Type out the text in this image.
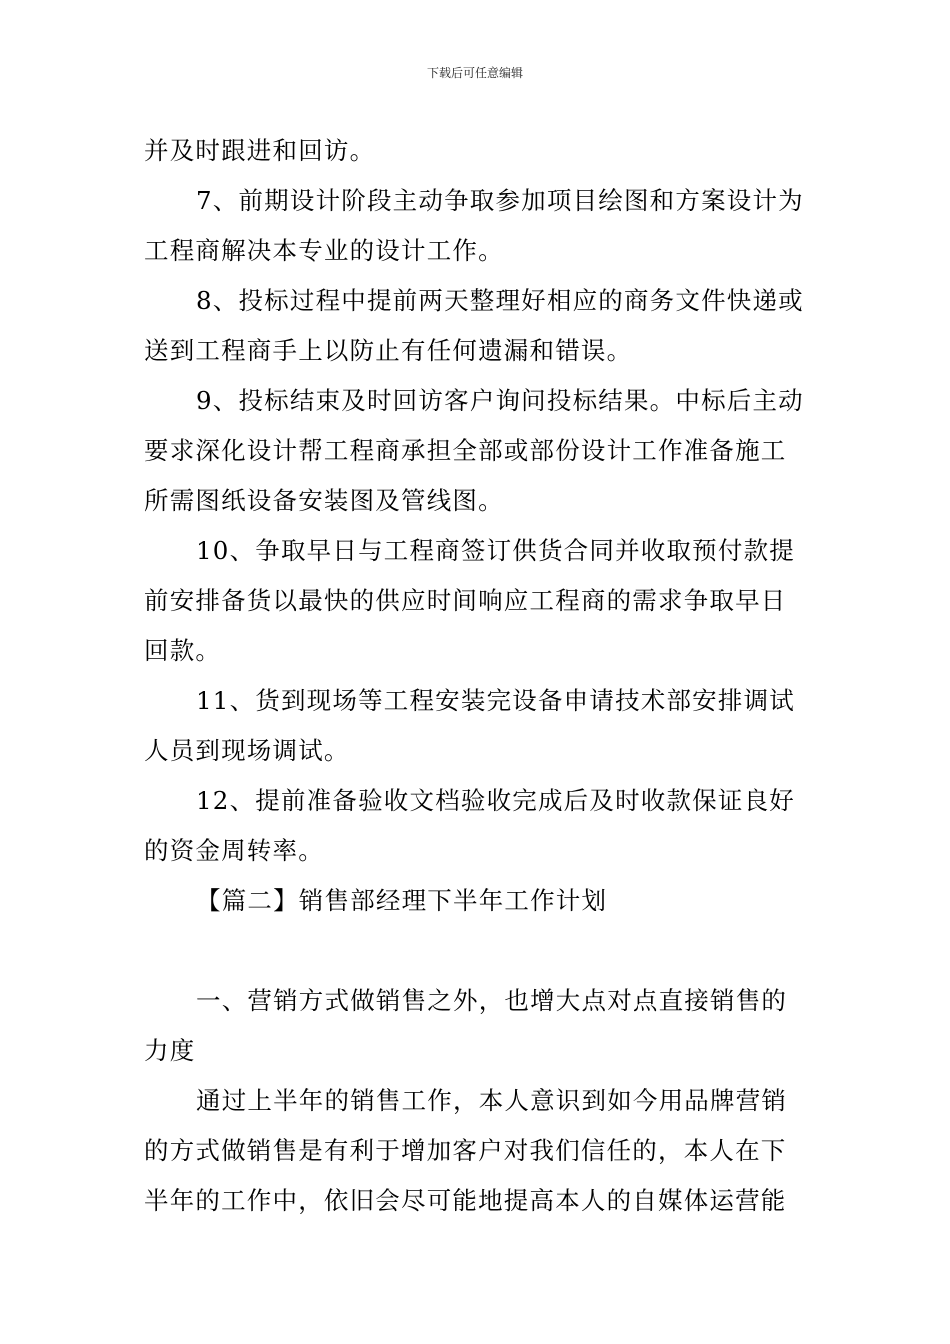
下载后可任意编辑

并及时跟进和回访。

7、前期设计阶段主动争取参加项目绘图和方案设计为工程商解决本专业的设计工作。

8、投标过程中提前两天整理好相应的商务文件快递或送到工程商手上以防止有任何遗漏和错误。

9、投标结束及时回访客户询问投标结果。中标后主动要求深化设计帮工程商承担全部或部份设计工作准备施工所需图纸设备安装图及管线图。

10、争取早日与工程商签订供货合同并收取预付款提前安排备货以最快的供应时间响应工程商的需求争取早日回款。

11、货到现场等工程安装完设备申请技术部安排调试人员到现场调试。

12、提前准备验收文档验收完成后及时收款保证良好的资金周转率。

【篇二】销售部经理下半年工作计划

一、营销方式做销售之外，也增大点对点直接销售的力度

通过上半年的销售工作，本人意识到如今用品牌营销的方式做销售是有利于增加客户对我们信任的，本人在下半年的工作中，依旧会尽可能地提高本人的自媒体运营能
